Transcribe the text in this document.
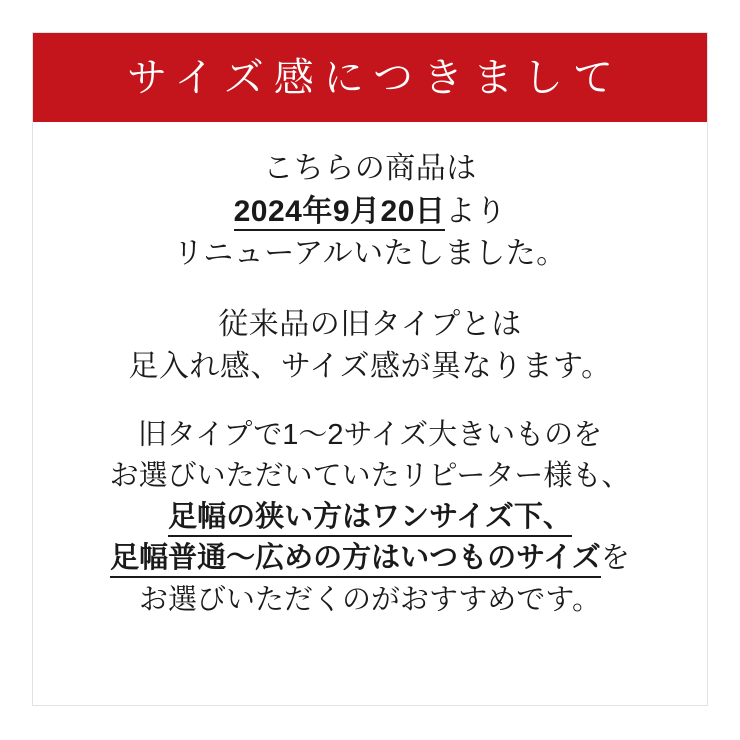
サイズ感につきまして
こちらの商品は
2024年9月20日より
リニューアルいたしました。
従来品の旧タイプとは
足入れ感、サイズ感が異なります。
旧タイプで1〜2サイズ大きいものを
お選びいただいていたリピーター様も、
足幅の狭い方はワンサイズ下、
足幅普通〜広めの方はいつものサイズを
お選びいただくのがおすすめです。
